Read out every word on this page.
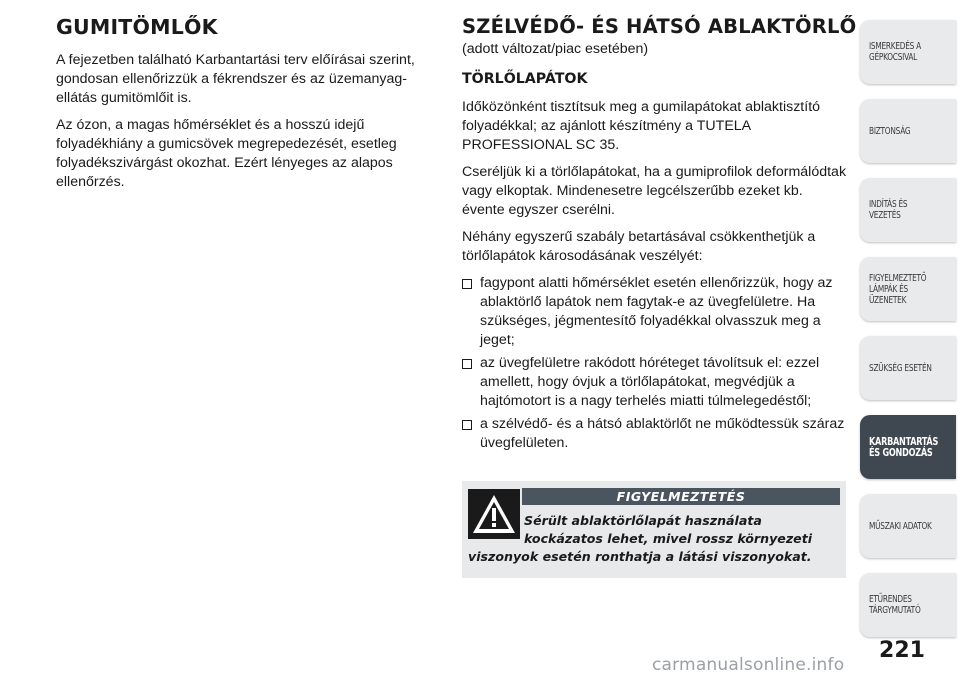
GUMITÖMLŐK

A fejezetben található Karbantartási terv előírásai szerint, gondosan ellenőrizzük a fékrendszer és az üzemanyag-ellátás gumitömlőit is.

Az ózon, a magas hőmérséklet és a hosszú idejű folyadékhiány a gumicsövek megrepedezését, esetleg folyadékszivárgást okozhat. Ezért lényeges az alapos ellenőrzés.

SZÉLVÉDŐ- ÉS HÁTSÓ ABLAKTÖRLŐ
(adott változat/piac esetében)
TÖRLŐLAPÁTOK

Időközönként tisztítsuk meg a gumilapátokat ablaktisztító folyadékkal; az ajánlott készítmény a TUTELA PROFESSIONAL SC 35.

Cseréljük ki a törlőlapátokat, ha a gumiprofilok deformálódtak vagy elkoptak. Mindenesetre legcélszerűbb ezeket kb. évente egyszer cserélni.

Néhány egyszerű szabály betartásával csökkenthetjük a törlőlapátok károsodásának veszélyét:

fagypont alatti hőmérséklet esetén ellenőrizzük, hogy az ablaktörlő lapátok nem fagytak-e az üvegfelületre. Ha szükséges, jégmentesítő folyadékkal olvasszuk meg a jeget;
az üvegfelületre rakódott hóréteget távolítsuk el: ezzel amellett, hogy óvjuk a törlőlapátokat, megvédjük a hajtómotort is a nagy terhelés miatti túlmelegedéstől;
a szélvédő- és a hátsó ablaktörlőt ne működtessük száraz üvegfelületen.
FIGYELMEZTETÉS
Sérült ablaktörlőlapát használata
kockázatos lehet, mivel rossz környezeti
viszonyok esetén ronthatja a látási viszonyokat.
ISMERKEDÉS A
GÉPKOCSIVAL
BIZTONSÁG
INDÍTÁS ÉS VEZETÉS
FIGYELMEZTETŐ
LÁMPÁK ÉS
ÜZENETEK
SZÜKSÉG ESETÉN
KARBANTARTÁS
ÉS GONDOZÁS
MŰSZAKI ADATOK
ETŰRENDES
TÁRGYMUTATÓ
221
carmanualsonline.info
